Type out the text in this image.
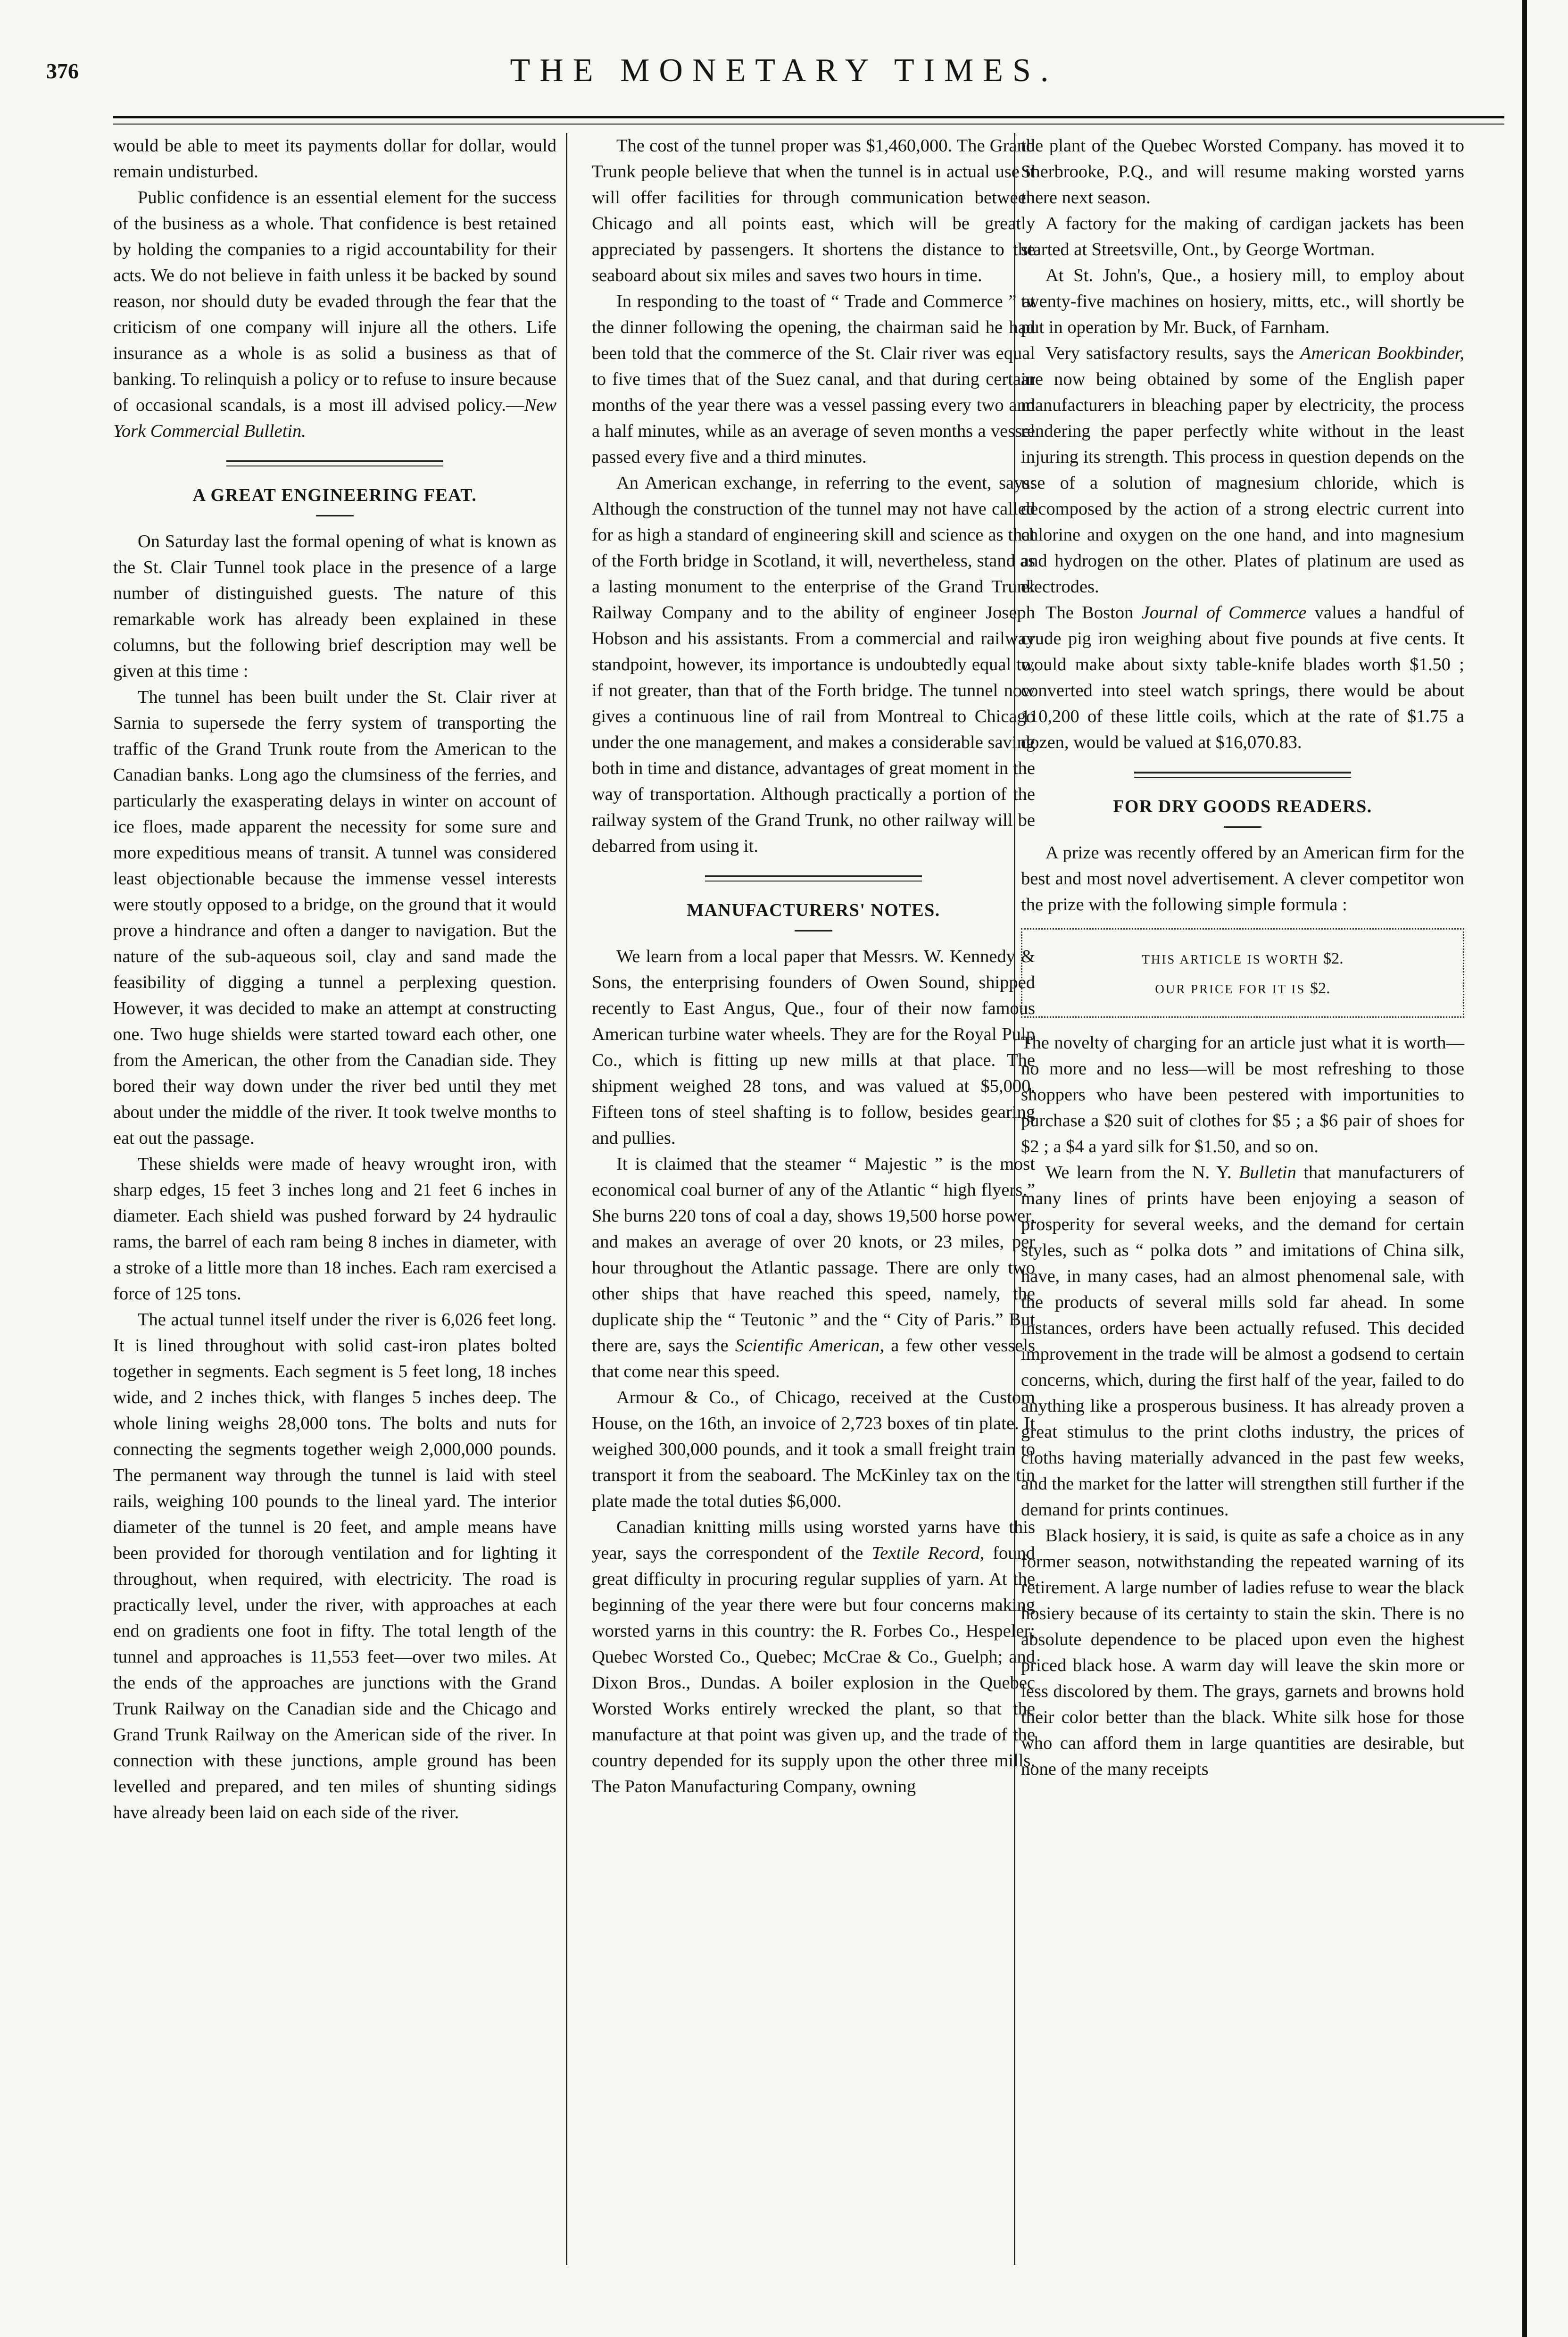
376	THE MONETARY TIMES.

would be able to meet its payments dollar for dollar, would remain undisturbed.

Public confidence is an essential element for the success of the business as a whole. That confidence is best retained by holding the companies to a rigid accountability for their acts. We do not believe in faith unless it be backed by sound reason, nor should duty be evaded through the fear that the criticism of one company will injure all the others. Life insurance as a whole is as solid a business as that of banking. To relinquish a policy or to refuse to insure because of occasional scandals, is a most ill advised policy.—New York Commercial Bulletin.

A GREAT ENGINEERING FEAT.

On Saturday last the formal opening of what is known as the St. Clair Tunnel took place in the presence of a large number of distinguished guests. The nature of this remarkable work has already been explained in these columns, but the following brief description may well be given at this time :

The tunnel has been built under the St. Clair river at Sarnia to supersede the ferry system of transporting the traffic of the Grand Trunk route from the American to the Canadian banks. Long ago the clumsiness of the ferries, and particularly the exasperating delays in winter on account of ice floes, made apparent the necessity for some sure and more expeditious means of transit. A tunnel was considered least objectionable because the immense vessel interests were stoutly opposed to a bridge, on the ground that it would prove a hindrance and often a danger to navigation. But the nature of the sub-aqueous soil, clay and sand made the feasibility of digging a tunnel a perplexing question. However, it was decided to make an attempt at constructing one. Two huge shields were started toward each other, one from the American, the other from the Canadian side. They bored their way down under the river bed until they met about under the middle of the river. It took twelve months to eat out the passage.

These shields were made of heavy wrought iron, with sharp edges, 15 feet 3 inches long and 21 feet 6 inches in diameter. Each shield was pushed forward by 24 hydraulic rams, the barrel of each ram being 8 inches in diameter, with a stroke of a little more than 18 inches. Each ram exercised a force of 125 tons.

The actual tunnel itself under the river is 6,026 feet long. It is lined throughout with solid cast-iron plates bolted together in segments. Each segment is 5 feet long, 18 inches wide, and 2 inches thick, with flanges 5 inches deep. The whole lining weighs 28,000 tons. The bolts and nuts for connecting the segments together weigh 2,000,000 pounds. The permanent way through the tunnel is laid with steel rails, weighing 100 pounds to the lineal yard. The interior diameter of the tunnel is 20 feet, and ample means have been provided for thorough ventilation and for lighting it throughout, when required, with electricity. The road is practically level, under the river, with approaches at each end on gradients one foot in fifty. The total length of the tunnel and approaches is 11,553 feet—over two miles. At the ends of the approaches are junctions with the Grand Trunk Railway on the Canadian side and the Chicago and Grand Trunk Railway on the American side of the river. In connection with these junctions, ample ground has been levelled and prepared, and ten miles of shunting sidings have already been laid on each side of the river.

The cost of the tunnel proper was $1,460,000. The Grand Trunk people believe that when the tunnel is in actual use it will offer facilities for through communication between Chicago and all points east, which will be greatly appreciated by passengers. It shortens the distance to the seaboard about six miles and saves two hours in time.

In responding to the toast of “ Trade and Commerce ” at the dinner following the opening, the chairman said he had been told that the commerce of the St. Clair river was equal to five times that of the Suez canal, and that during certain months of the year there was a vessel passing every two and a half minutes, while as an average of seven months a vessel passed every five and a third minutes.

An American exchange, in referring to the event, says: Although the construction of the tunnel may not have called for as high a standard of engineering skill and science as that of the Forth bridge in Scotland, it will, nevertheless, stand as a lasting monument to the enterprise of the Grand Trunk Railway Company and to the ability of engineer Joseph Hobson and his assistants. From a commercial and railway standpoint, however, its importance is undoubtedly equal to, if not greater, than that of the Forth bridge. The tunnel now gives a continuous line of rail from Montreal to Chicago under the one management, and makes a considerable saving both in time and distance, advantages of great moment in the way of transportation. Although practically a portion of the railway system of the Grand Trunk, no other railway will be debarred from using it.

MANUFACTURERS' NOTES.

We learn from a local paper that Messrs. W. Kennedy & Sons, the enterprising founders of Owen Sound, shipped recently to East Angus, Que., four of their now famous American turbine water wheels. They are for the Royal Pulp Co., which is fitting up new mills at that place. The shipment weighed 28 tons, and was valued at $5,000. Fifteen tons of steel shafting is to follow, besides gearing and pullies.

It is claimed that the steamer “ Majestic ” is the most economical coal burner of any of the Atlantic “ high flyers.” She burns 220 tons of coal a day, shows 19,500 horse power, and makes an average of over 20 knots, or 23 miles, per hour throughout the Atlantic passage. There are only two other ships that have reached this speed, namely, the duplicate ship the “ Teutonic ” and the “ City of Paris.” But there are, says the Scientific American, a few other vessels that come near this speed.

Armour & Co., of Chicago, received at the Custom House, on the 16th, an invoice of 2,723 boxes of tin plate. It weighed 300,000 pounds, and it took a small freight train to transport it from the seaboard. The McKinley tax on the tin plate made the total duties $6,000.

Canadian knitting mills using worsted yarns have this year, says the correspondent of the Textile Record, found great difficulty in procuring regular supplies of yarn. At the beginning of the year there were but four concerns making worsted yarns in this country: the R. Forbes Co., Hespeler; Quebec Worsted Co., Quebec; McCrae & Co., Guelph; and Dixon Bros., Dundas. A boiler explosion in the Quebec Worsted Works entirely wrecked the plant, so that the manufacture at that point was given up, and the trade of the country depended for its supply upon the other three mills. The Paton Manufacturing Company, owning

the plant of the Quebec Worsted Company. has moved it to Sherbrooke, P.Q., and will resume making worsted yarns there next season.

A factory for the making of cardigan jackets has been started at Streetsville, Ont., by George Wortman.

At St. John's, Que., a hosiery mill, to employ about twenty-five machines on hosiery, mitts, etc., will shortly be put in operation by Mr. Buck, of Farnham.

Very satisfactory results, says the American Bookbinder, are now being obtained by some of the English paper manufacturers in bleaching paper by electricity, the process rendering the paper perfectly white without in the least injuring its strength. This process in question depends on the use of a solution of magnesium chloride, which is decomposed by the action of a strong electric current into chlorine and oxygen on the one hand, and into magnesium and hydrogen on the other. Plates of platinum are used as electrodes.

The Boston Journal of Commerce values a handful of crude pig iron weighing about five pounds at five cents. It would make about sixty table-knife blades worth $1.50 ; converted into steel watch springs, there would be about 110,200 of these little coils, which at the rate of $1.75 a dozen, would be valued at $16,070.83.

FOR DRY GOODS READERS.

A prize was recently offered by an American firm for the best and most novel advertisement. A clever competitor won the prize with the following simple formula :

THIS ARTICLE IS WORTH $2.
OUR PRICE FOR IT IS $2.

The novelty of charging for an article just what it is worth—no more and no less—will be most refreshing to those shoppers who have been pestered with importunities to purchase a $20 suit of clothes for $5 ; a $6 pair of shoes for $2 ; a $4 a yard silk for $1.50, and so on.

We learn from the N. Y. Bulletin that manufacturers of many lines of prints have been enjoying a season of prosperity for several weeks, and the demand for certain styles, such as “ polka dots ” and imitations of China silk, have, in many cases, had an almost phenomenal sale, with the products of several mills sold far ahead. In some instances, orders have been actually refused. This decided improvement in the trade will be almost a godsend to certain concerns, which, during the first half of the year, failed to do anything like a prosperous business. It has already proven a great stimulus to the print cloths industry, the prices of cloths having materially advanced in the past few weeks, and the market for the latter will strengthen still further if the demand for prints continues.

Black hosiery, it is said, is quite as safe a choice as in any former season, notwithstanding the repeated warning of its retirement. A large number of ladies refuse to wear the black hosiery because of its certainty to stain the skin. There is no absolute dependence to be placed upon even the highest priced black hose. A warm day will leave the skin more or less discolored by them. The grays, garnets and browns hold their color better than the black. White silk hose for those who can afford them in large quantities are desirable, but none of the many receipts
